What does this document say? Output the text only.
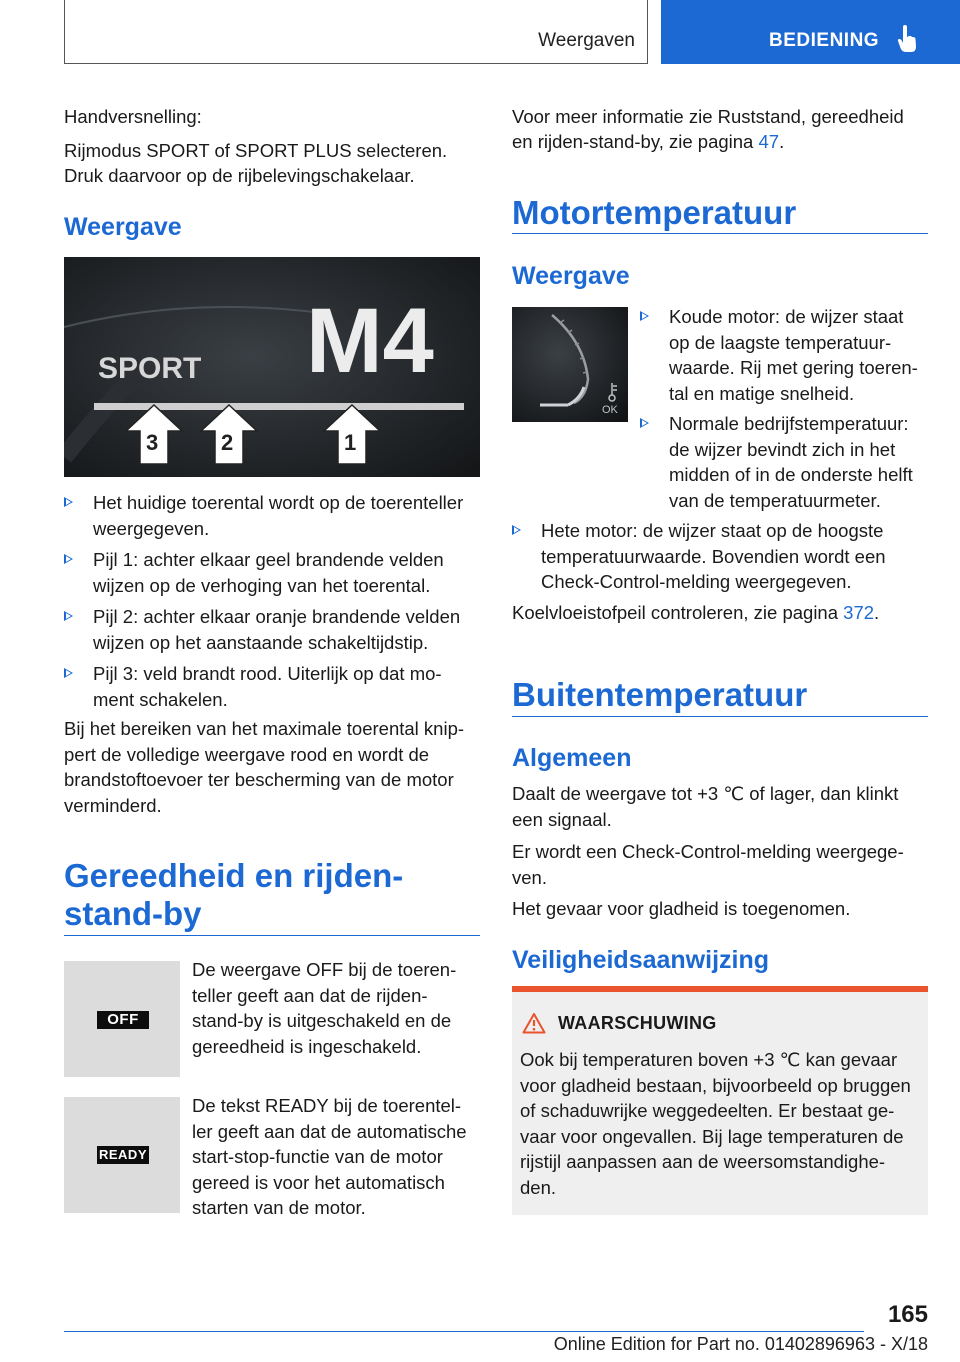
Weergaven	BEDIENING
Handversnelling:
Rijmodus SPORT of SPORT PLUS selecteren.
Druk daarvoor op de rijbelevingschakelaar.
Weergave
SPORT M4
3	2	1
Het huidige toerental wordt op de toerenteller
weergegeven.
Pijl 1: achter elkaar geel brandende velden
wijzen op de verhoging van het toerental.
Pijl 2: achter elkaar oranje brandende velden
wijzen op het aanstaande schakeltijdstip.
Pijl 3: veld brandt rood. Uiterlijk op dat mo-
ment schakelen.
Bij het bereiken van het maximale toerental knip-
pert de volledige weergave rood en wordt de
brandstoftoevoer ter bescherming van de motor
verminderd.
Gereedheid en rijden-
stand-by
OFF
De weergave OFF bij de toeren-
teller geeft aan dat de rijden-
stand-by is uitgeschakeld en de
gereedheid is ingeschakeld.
READY
De tekst READY bij de toerentel-
ler geeft aan dat de automatische
start-stop-functie van de motor
gereed is voor het automatisch
starten van de motor.
Voor meer informatie zie Ruststand, gereedheid
en rijden-stand-by, zie pagina 47.
Motortemperatuur
Weergave
OK
Koude motor: de wijzer staat
op de laagste temperatuur-
waarde. Rij met gering toeren-
tal en matige snelheid.
Normale bedrijfstemperatuur:
de wijzer bevindt zich in het
midden of in de onderste helft
van de temperatuurmeter.
Hete motor: de wijzer staat op de hoogste
temperatuurwaarde. Bovendien wordt een
Check-Control-melding weergegeven.
Koelvloeistofpeil controleren, zie pagina 372.
Buitentemperatuur
Algemeen
Daalt de weergave tot +3 ℃ of lager, dan klinkt
een signaal.
Er wordt een Check-Control-melding weergege-
ven.
Het gevaar voor gladheid is toegenomen.
Veiligheidsaanwijzing
WAARSCHUWING
Ook bij temperaturen boven +3 ℃ kan gevaar
voor gladheid bestaan, bijvoorbeeld op bruggen
of schaduwrijke weggedeelten. Er bestaat ge-
vaar voor ongevallen. Bij lage temperaturen de
rijstijl aanpassen aan de weersomstandighe-
den.
165
Online Edition for Part no. 01402896963 - X/18
